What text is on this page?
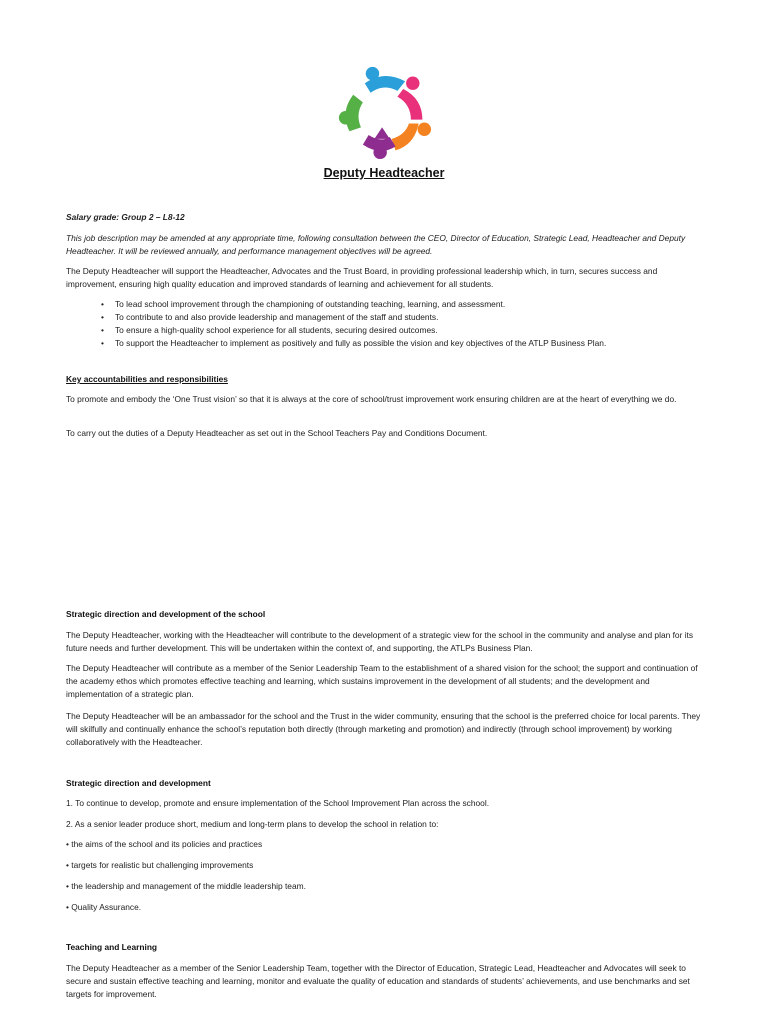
Deputy Headteacher

Salary grade: Group 2 – L8-12

This job description may be amended at any appropriate time, following consultation between the CEO, Director of Education, Strategic Lead, Headteacher and Deputy Headteacher. It will be reviewed annually, and performance management objectives will be agreed.

The Deputy Headteacher will support the Headteacher, Advocates and the Trust Board, in providing professional leadership which, in turn, secures success and improvement, ensuring high quality education and improved standards of learning and achievement for all students.

• To lead school improvement through the championing of outstanding teaching, learning, and assessment.
• To contribute to and also provide leadership and management of the staff and students.
• To ensure a high-quality school experience for all students, securing desired outcomes.
• To support the Headteacher to implement as positively and fully as possible the vision and key objectives of the ATLP Business Plan.

Key accountabilities and responsibilities

To promote and embody the ‘One Trust vision’ so that it is always at the core of school/trust improvement work ensuring children are at the heart of everything we do.

To carry out the duties of a Deputy Headteacher as set out in the School Teachers Pay and Conditions Document.

Strategic direction and development of the school

The Deputy Headteacher, working with the Headteacher will contribute to the development of a strategic view for the school in the community and analyse and plan for its future needs and further development. This will be undertaken within the context of, and supporting, the ATLPs Business Plan.

The Deputy Headteacher will contribute as a member of the Senior Leadership Team to the establishment of a shared vision for the school; the support and continuation of the academy ethos which promotes effective teaching and learning, which sustains improvement in the development of all students; and the development and implementation of a strategic plan.

The Deputy Headteacher will be an ambassador for the school and the Trust in the wider community, ensuring that the school is the preferred choice for local parents. They will skilfully and continually enhance the school’s reputation both directly (through marketing and promotion) and indirectly (through school improvement) by working collaboratively with the Headteacher.

Strategic direction and development

1. To continue to develop, promote and ensure implementation of the School Improvement Plan across the school.

2. As a senior leader produce short, medium and long-term plans to develop the school in relation to:

• the aims of the school and its policies and practices

• targets for realistic but challenging improvements

• the leadership and management of the middle leadership team.

• Quality Assurance.

Teaching and Learning

The Deputy Headteacher as a member of the Senior Leadership Team, together with the Director of Education, Strategic Lead, Headteacher and Advocates will seek to secure and sustain effective teaching and learning, monitor and evaluate the quality of education and standards of students’ achievements, and use benchmarks and set targets for improvement.
